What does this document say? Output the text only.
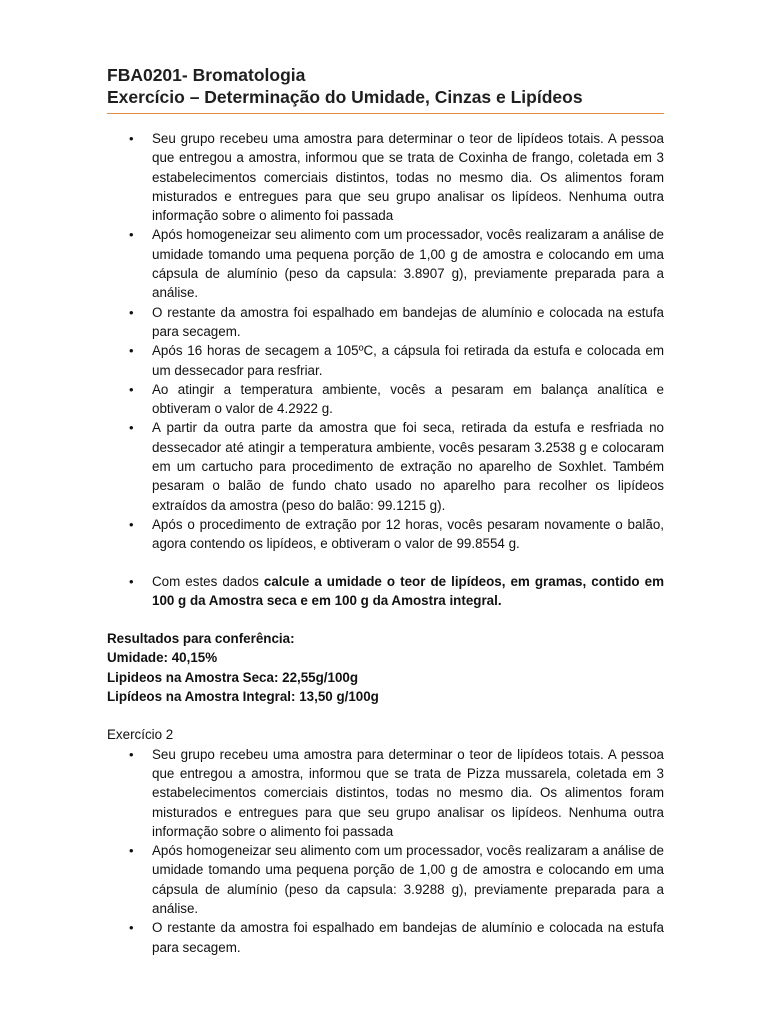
FBA0201- Bromatologia
Exercício – Determinação do Umidade, Cinzas e Lipídeos
• Seu grupo recebeu uma amostra para determinar o teor de lipídeos totais. A pessoa que entregou a amostra, informou que se trata de Coxinha de frango, coletada em 3 estabelecimentos comerciais distintos, todas no mesmo dia. Os alimentos foram misturados e entregues para que seu grupo analisar os lipídeos. Nenhuma outra informação sobre o alimento foi passada
• Após homogeneizar seu alimento com um processador, vocês realizaram a análise de umidade tomando uma pequena porção de 1,00 g de amostra e colocando em uma cápsula de alumínio (peso da capsula: 3.8907 g), previamente preparada para a análise.
• O restante da amostra foi espalhado em bandejas de alumínio e colocada na estufa para secagem.
• Após 16 horas de secagem a 105ºC, a cápsula foi retirada da estufa e colocada em um dessecador para resfriar.
• Ao atingir a temperatura ambiente, vocês a pesaram em balança analítica e obtiveram o valor de 4.2922 g.
• A partir da outra parte da amostra que foi seca, retirada da estufa e resfriada no dessecador até atingir a temperatura ambiente, vocês pesaram 3.2538 g e colocaram em um cartucho para procedimento de extração no aparelho de Soxhlet. Também pesaram o balão de fundo chato usado no aparelho para recolher os lipídeos extraídos da amostra (peso do balão: 99.1215 g).
• Após o procedimento de extração por 12 horas, vocês pesaram novamente o balão, agora contendo os lipídeos, e obtiveram o valor de 99.8554 g.
• Com estes dados calcule a umidade o teor de lipídeos, em gramas, contido em 100 g da Amostra seca e em 100 g da Amostra integral.
Resultados para conferência:
Umidade: 40,15%
Lipideos na Amostra Seca: 22,55g/100g
Lipídeos na Amostra Integral: 13,50 g/100g
Exercício 2
• Seu grupo recebeu uma amostra para determinar o teor de lipídeos totais. A pessoa que entregou a amostra, informou que se trata de Pizza mussarela, coletada em 3 estabelecimentos comerciais distintos, todas no mesmo dia. Os alimentos foram misturados e entregues para que seu grupo analisar os lipídeos. Nenhuma outra informação sobre o alimento foi passada
• Após homogeneizar seu alimento com um processador, vocês realizaram a análise de umidade tomando uma pequena porção de 1,00 g de amostra e colocando em uma cápsula de alumínio (peso da capsula: 3.9288 g), previamente preparada para a análise.
• O restante da amostra foi espalhado em bandejas de alumínio e colocada na estufa para secagem.
